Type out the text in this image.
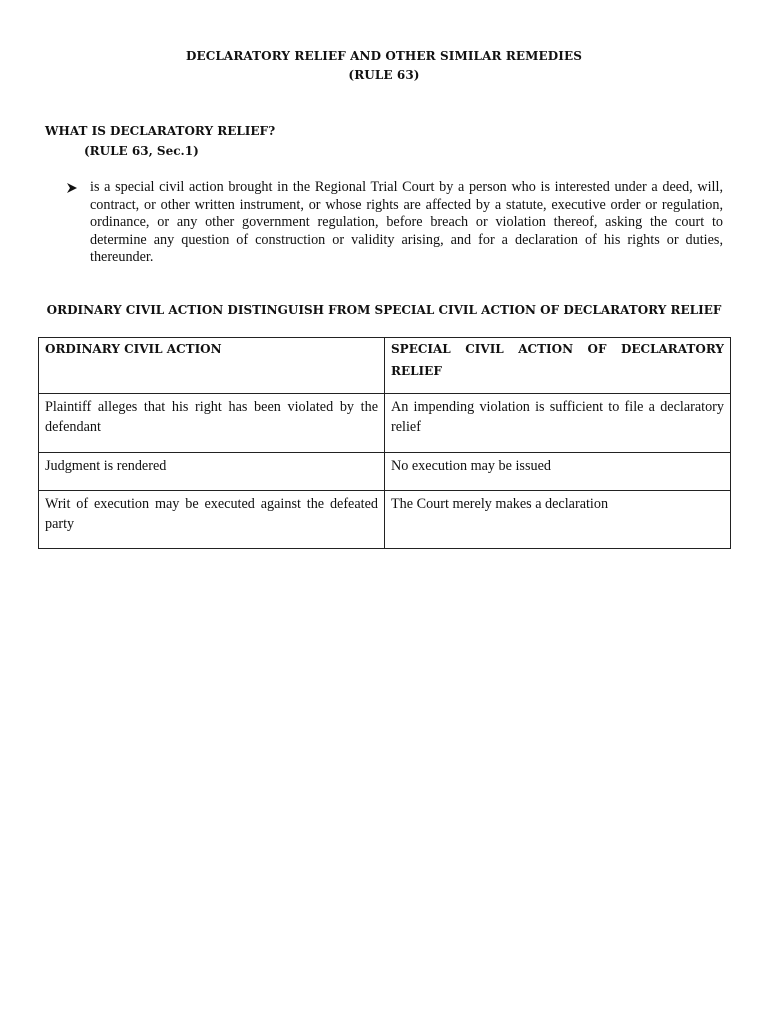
DECLARATORY RELIEF AND OTHER SIMILAR REMEDIES
(RULE 63)
WHAT IS DECLARATORY RELIEF?
(RULE 63, Sec.1)
is a special civil action brought in the Regional Trial Court by a person who is interested under a deed, will, contract, or other written instrument, or whose rights are affected by a statute, executive order or regulation, ordinance, or any other government regulation, before breach or violation thereof, asking the court to determine any question of construction or validity arising, and for a declaration of his rights or duties, thereunder.
ORDINARY CIVIL ACTION DISTINGUISH FROM SPECIAL CIVIL ACTION OF DECLARATORY RELIEF
ORDINARY CIVIL ACTION	SPECIAL CIVIL ACTION OF DECLARATORY
RELIEF
Plaintiff alleges that his right has been violated by the defendant	An impending violation is sufficient to file a declaratory relief
Judgment is rendered	No execution may be issued
Writ of execution may be executed against the defeated party	The Court merely makes a declaration
